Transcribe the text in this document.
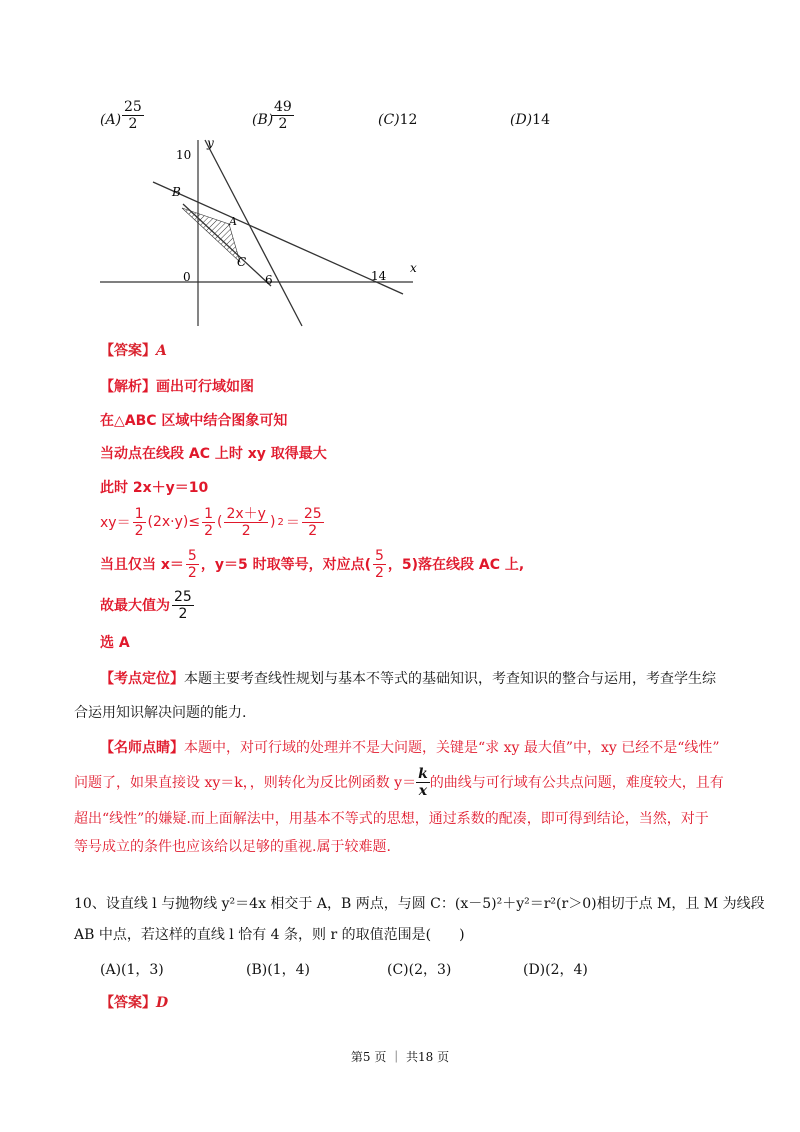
$(A) \frac{25}{2}$	(B)
$\frac{49}{2}$	(C)12	(D)14
y
10
B
A
C
0	6	14
x
【答案】A
【解析】画出可行域如图
在△ABC 区域中结合图象可知
当动点在线段 AC 上时 xy 取得最大
此时 2x＋y＝10
$xy= \frac{1}{2} (2x\cdot y)\le \frac{1}{2}$ ( $\frac{2x+y}{2}$ ) $2 = \frac{25}{2}$
当且仅当 $x= \frac{5}{2}$ ，y＝5 时取等号，对应点( $\frac{5}{2}$ ，5)落在线段 AC 上,
故最大值为 $\frac{25}{2}$
选 A
【考点定位】本题主要考查线性规划与基本不等式的基础知识，考查知识的整合与运用，考查学生综
合运用知识解决问题的能力.
【名师点睛】本题中，对可行域的处理并不是大问题，关键是“求 xy 最大值”中，xy 已经不是“线性”
问题了，如果直接设 xy＝k，，则转化为反比例函数 $y= \frac{k}{x}$ 的曲线与可行域有公共点问题，难度较大，且有
超出“线性”的嫌疑.而上面解法中，用基本不等式的思想，通过系数的配凑，即可得到结论，当然，对于
等号成立的条件也应该给以足够的重视.属于较难题.
10、设直线 l 与抛物线 y²＝4x 相交于 A，B 两点，与圆 C：(x－5)²＋y²＝r²(r＞0)相切于点 M，且 M 为线段
AB 中点，若这样的直线 l 恰有 4 条，则 r 的取值范围是(　　)
(A)(1，3)	(B)(1，4)	(C)(2，3)	(D)(2，4)
【答案】D
第5 页 ｜ 共18 页
